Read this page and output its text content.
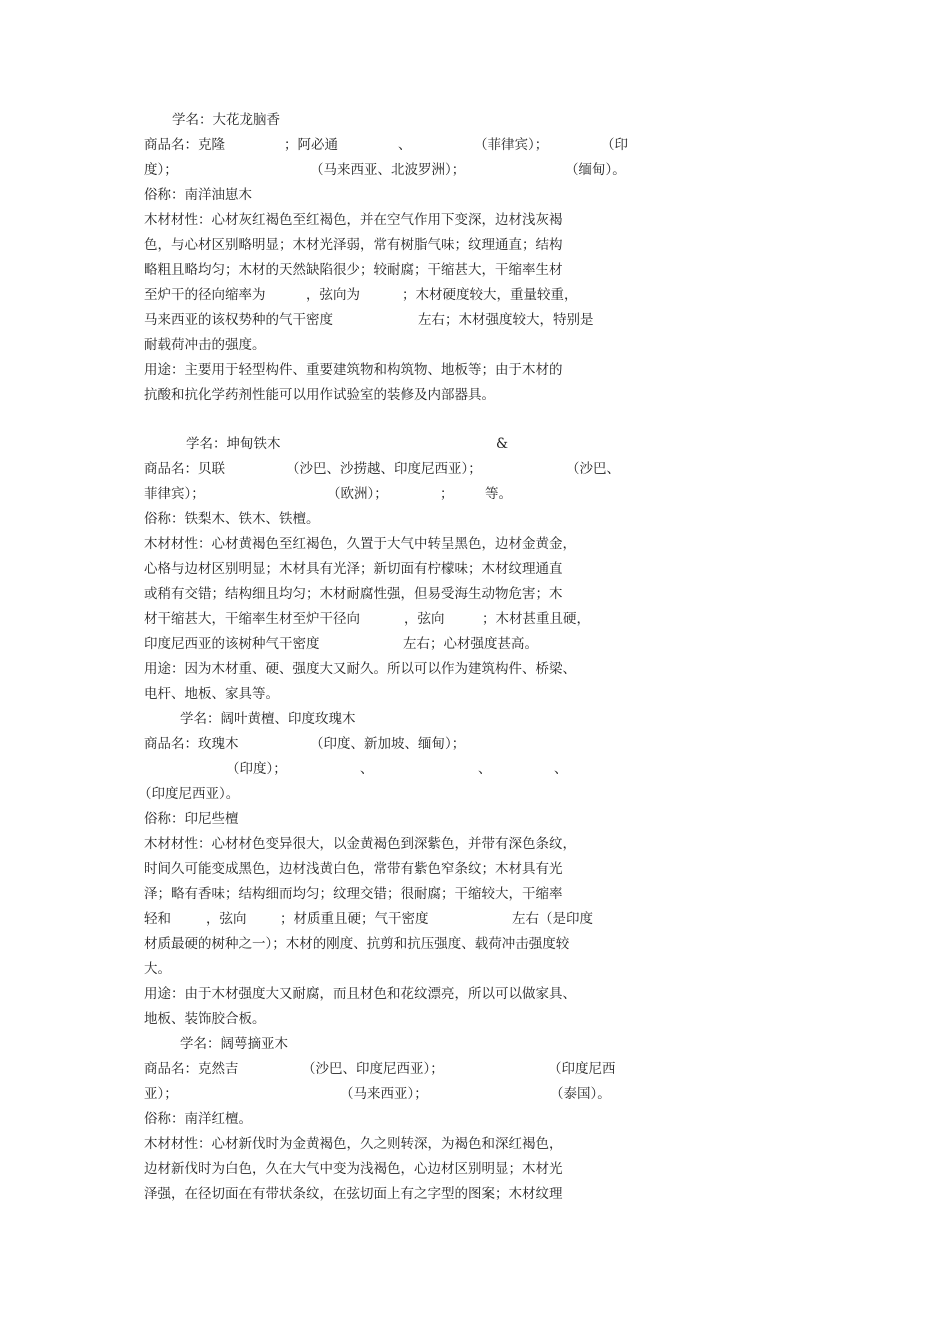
学名：大花龙脑香
商品名：克隆	；阿必通	、	（菲律宾）；	（印
度）；	（马来西亚、北波罗洲）；	（缅甸）。
俗称：南洋油崽木
木材材性：心材灰红褐色至红褐色，并在空气作用下变深，边材浅灰褐
色，与心材区别略明显；木材光泽弱，常有树脂气味；纹理通直；结构
略粗且略均匀；木材的天然缺陷很少；较耐腐；干缩甚大，干缩率生材
至炉干的径向缩率为	，弦向为	；木材硬度较大，重量较重，
马来西亚的该权势种的气干密度	左右；木材强度较大，特别是
耐载荷冲击的强度。
用途：主要用于轻型构件、重要建筑物和构筑物、地板等；由于木材的
抗酸和抗化学药剂性能可以用作试验室的装修及内部器具。
学名：坤甸铁木	&
商品名：贝联	（沙巴、沙捞越、印度尼西亚）；	（沙巴、
菲律宾）；	（欧洲）；	； 等。
俗称：铁梨木、铁木、铁檀。
木材材性：心材黄褐色至红褐色，久置于大气中转呈黑色，边材金黄金，
心格与边材区别明显；木材具有光泽；新切面有柠檬味；木材纹理通直
或稍有交错；结构细且均匀；木材耐腐性强，但易受海生动物危害；木
材干缩甚大，干缩率生材至炉干径向	，弦向	；木材甚重且硬，
印度尼西亚的该树种气干密度	左右；心材强度甚高。
用途：因为木材重、硬、强度大又耐久。所以可以作为建筑构件、桥梁、
电杆、地板、家具等。
学名：阔叶黄檀、印度玫瑰木
商品名：玫瑰木	（印度、新加坡、缅甸）；
（印度）；	、	、	、
（印度尼西亚）。
俗称：印尼些檀
木材材性：心材材色变异很大，以金黄褐色到深紫色，并带有深色条纹，
时间久可能变成黑色，边材浅黄白色，常带有紫色窄条纹；木材具有光
泽；略有香味；结构细而均匀；纹理交错；很耐腐；干缩较大，干缩率
轻和	，弦向 ；材质重且硬；气干密度	左右（是印度
材质最硬的树种之一）；木材的刚度、抗剪和抗压强度、载荷冲击强度较
大。
用途：由于木材强度大又耐腐，而且材色和花纹漂亮，所以可以做家具、
地板、装饰胶合板。
学名：阔萼摘亚木
商品名：克然吉	（沙巴、印度尼西亚）；	（印度尼西
亚）；	（马来西亚）；	（泰国）。
俗称：南洋红檀。
木材材性：心材新伐时为金黄褐色，久之则转深，为褐色和深红褐色，
边材新伐时为白色，久在大气中变为浅褐色，心边材区别明显；木材光
泽强，在径切面在有带状条纹，在弦切面上有之字型的图案；木材纹理
